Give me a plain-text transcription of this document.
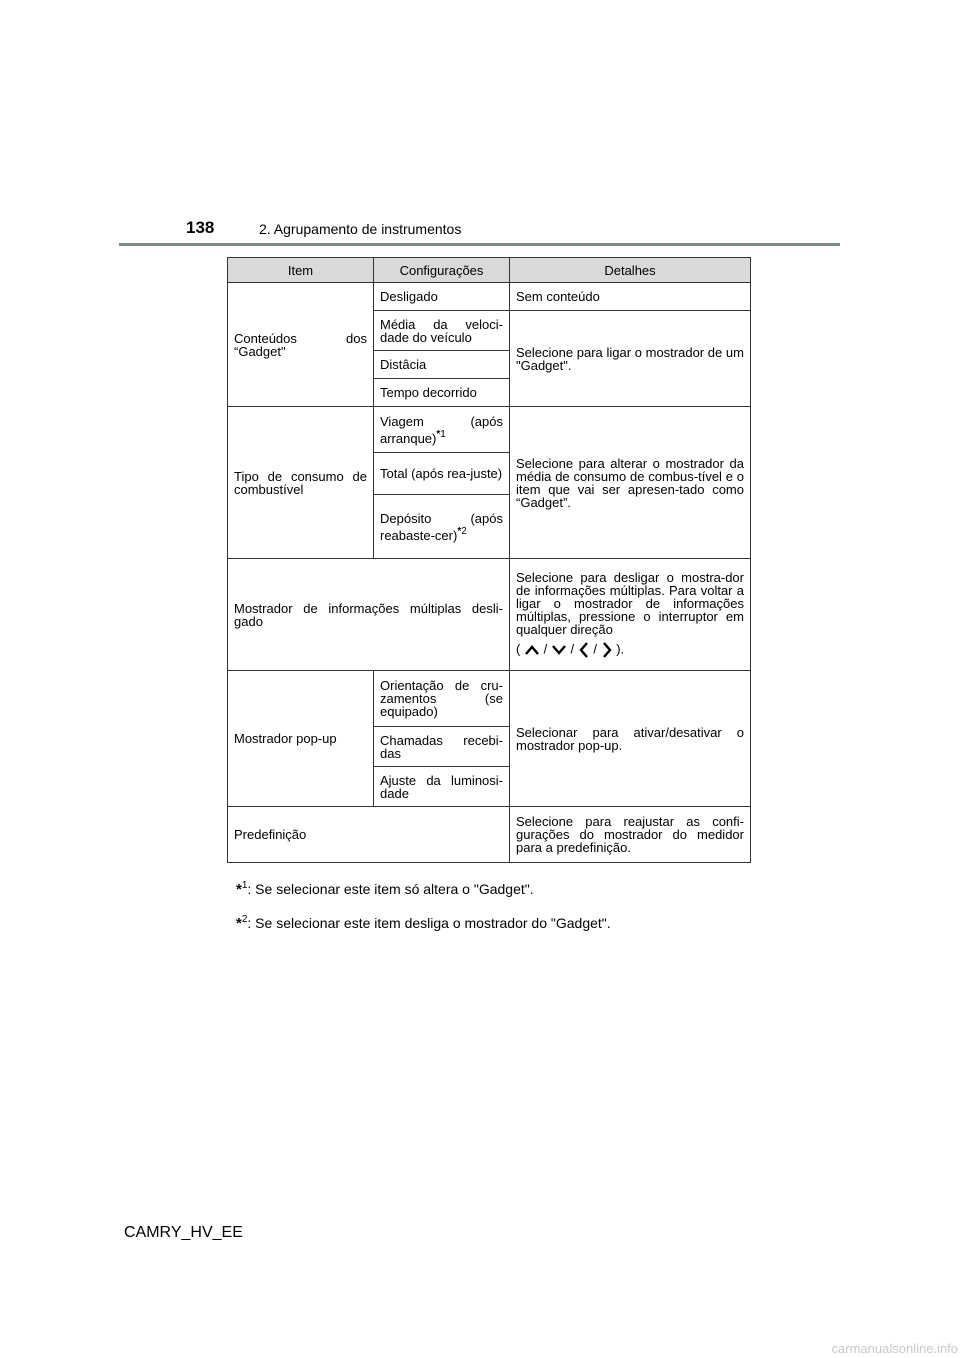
138	2. Agrupamento de instrumentos
Item	Configurações	Detalhes
Conteúdos dos “Gadget"	Desligado	Sem conteúdo
	Média da veloci-dade do veículo	Selecione para ligar o mostrador de um "Gadget".
	Distâcia	
	Tempo decorrido	
Tipo de consumo de combustível	Viagem (após arranque)$^{*1}$	Selecione para alterar o mostrador da média de consumo de combus-tível e o item que vai ser apresen-tado como “Gadget”.
	Total (após rea-juste)	
	Depósito (após reabaste-cer)$^{*2}$
Mostrador de informações múltiplas desli-gado		Selecione para desligar o mostra-dor de informações múltiplas. Para voltar a ligar o mostrador de informações múltiplas, pressione o interruptor em qualquer direção
( / / / ).

Mostrador pop-up	Orientação de cru-zamentos (se equipado)	Selecionar para ativar/desativar o mostrador pop-up.
	Chamadas recebi-das	
	Ajuste da luminosi-dade	
Predefinição		Selecione para reajustar as confi-gurações do mostrador do medidor para a predefinição.
*$^1$: Se selecionar este item só altera o "Gadget".
*$^2$: Se selecionar este item desliga o mostrador do "Gadget".
CAMRY_HV_EE
carmanualsonline.info
